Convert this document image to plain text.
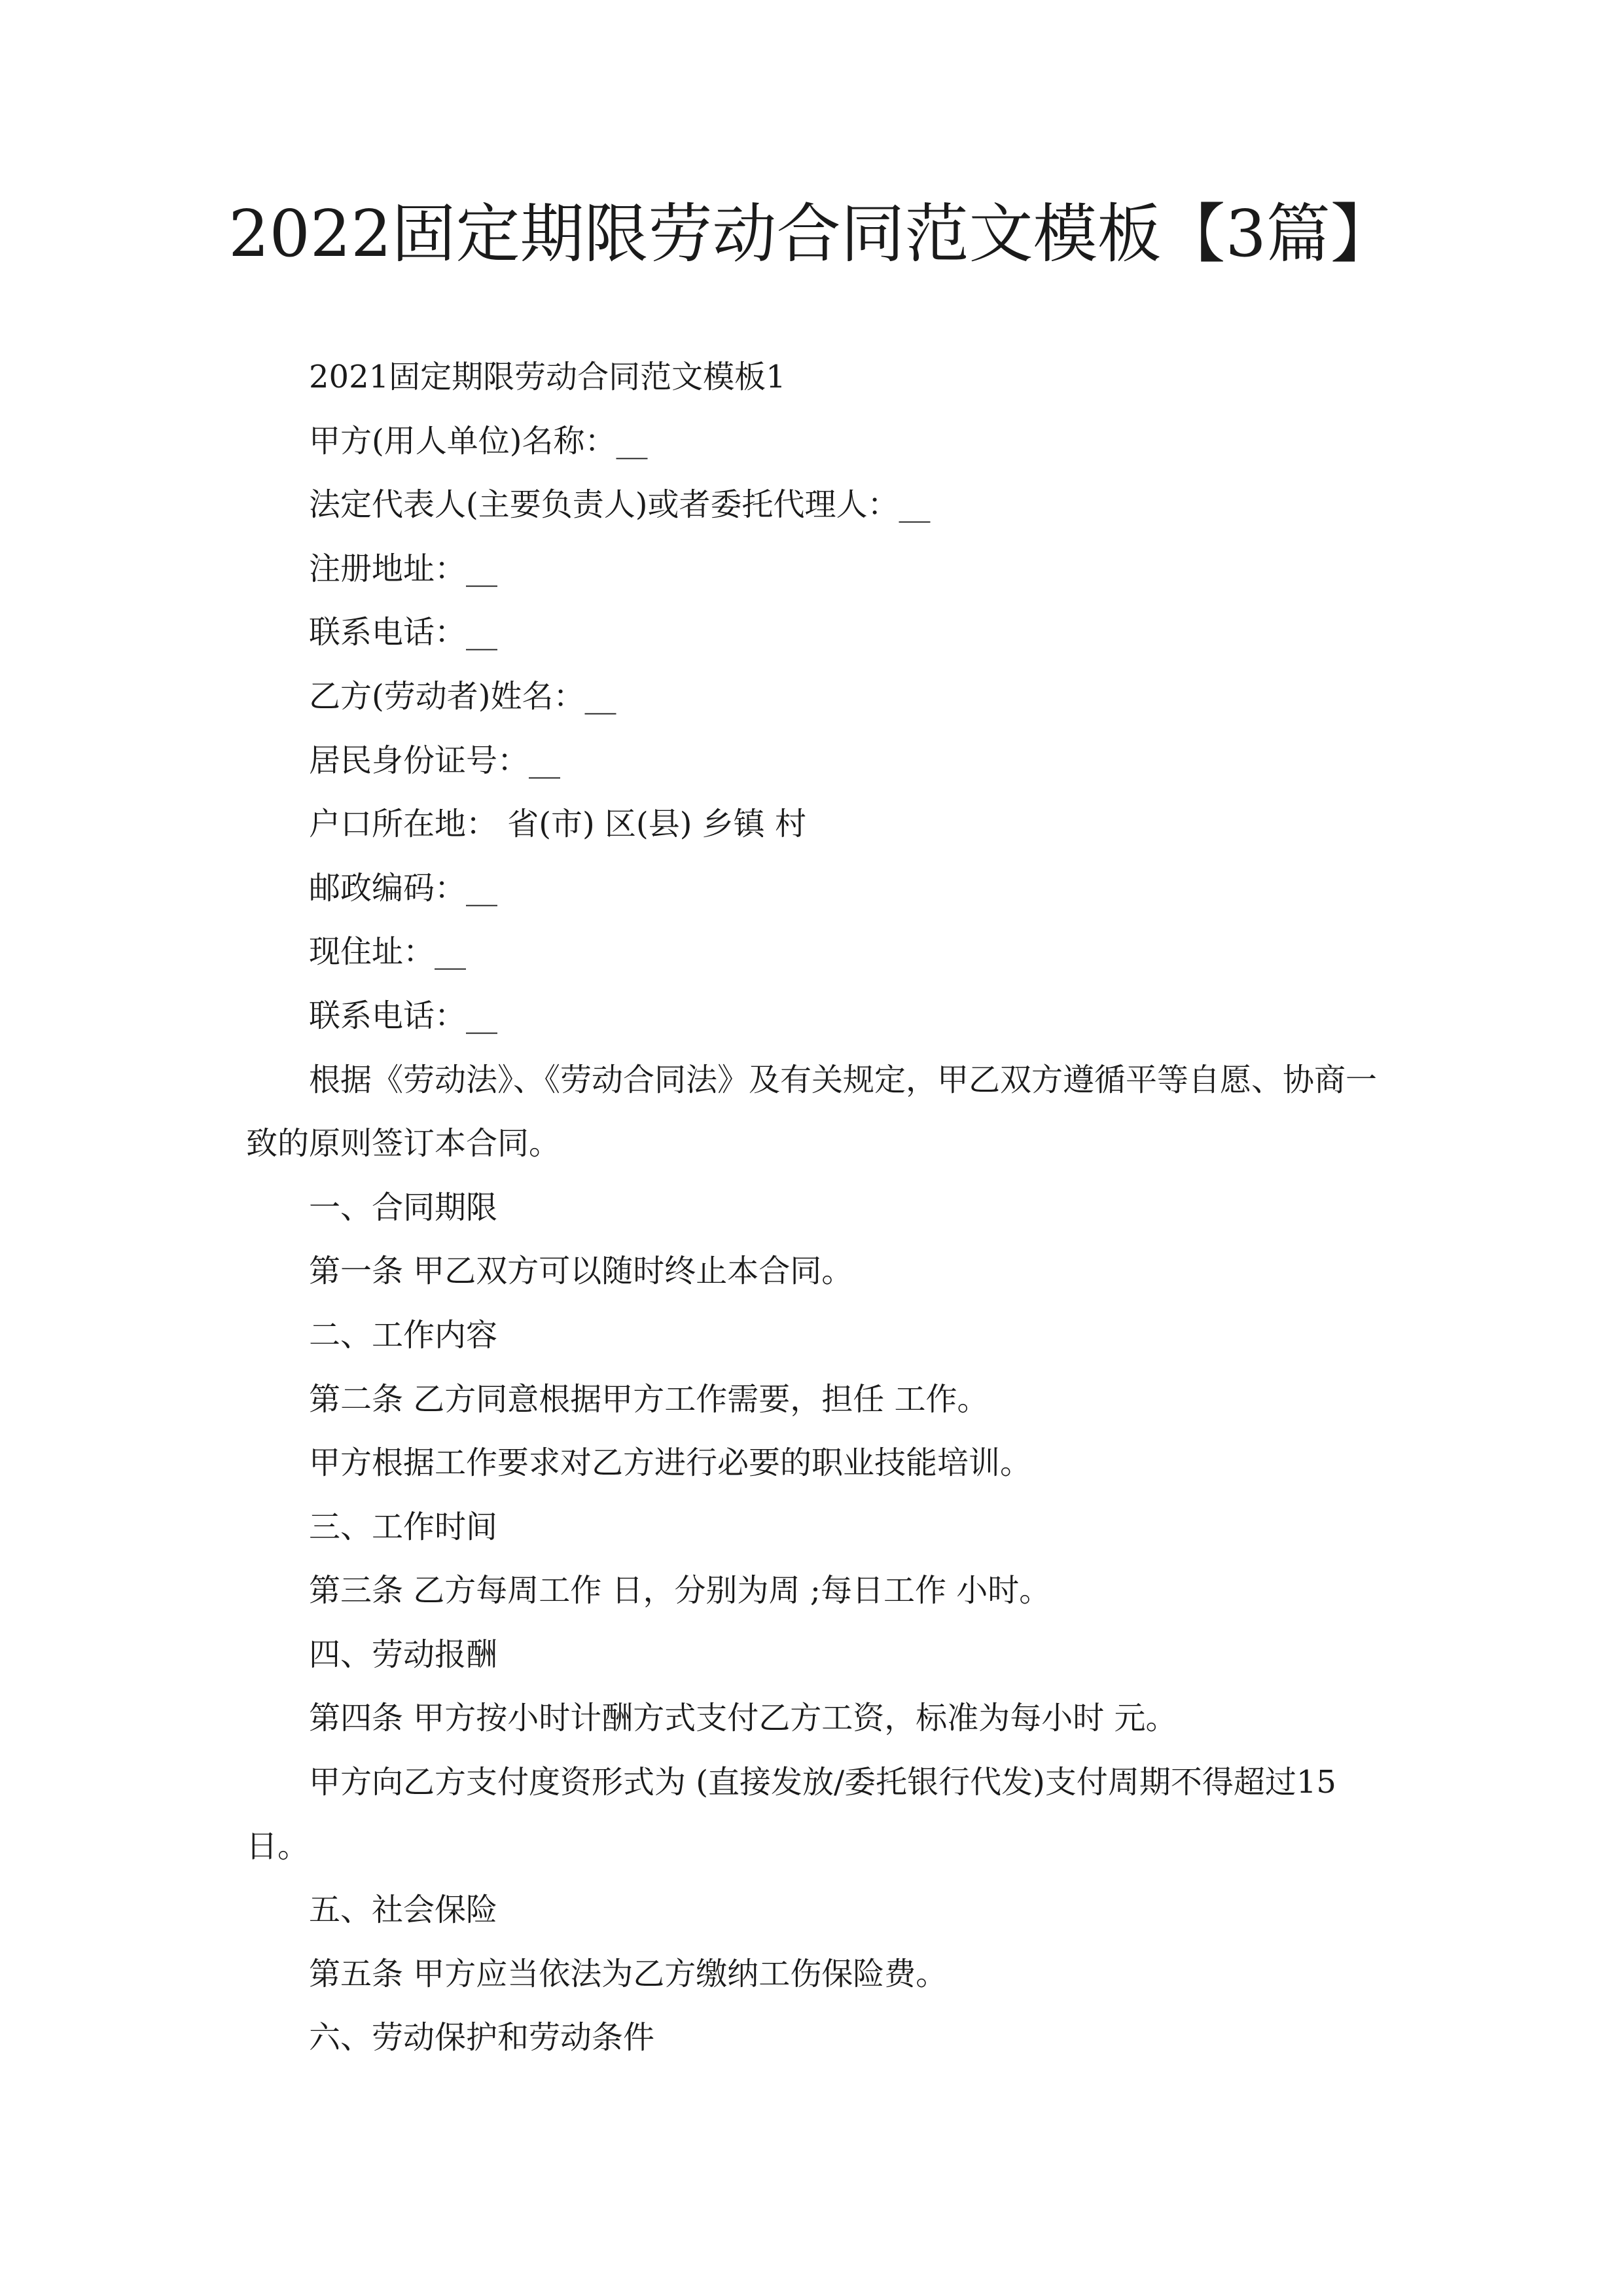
2022固定期限劳动合同范文模板【3篇】

2021固定期限劳动合同范文模板1

甲方(用人单位)名称：__

法定代表人(主要负责人)或者委托代理人：__

注册地址：__

联系电话：__

乙方(劳动者)姓名：__

居民身份证号：__

户口所在地： 省(市) 区(县) 乡镇 村

邮政编码：__

现住址：__

联系电话：__

根据《劳动法》、《劳动合同法》及有关规定，甲乙双方遵循平等自愿、协商一致的原则签订本合同。

一、合同期限

第一条 甲乙双方可以随时终止本合同。

二、工作内容

第二条 乙方同意根据甲方工作需要，担任 工作。

甲方根据工作要求对乙方进行必要的职业技能培训。

三、工作时间

第三条 乙方每周工作 日，分别为周 ;每日工作 小时。

四、劳动报酬

第四条 甲方按小时计酬方式支付乙方工资，标准为每小时 元。

甲方向乙方支付度资形式为 (直接发放/委托银行代发)支付周期不得超过15日。

五、社会保险

第五条 甲方应当依法为乙方缴纳工伤保险费。

六、劳动保护和劳动条件
